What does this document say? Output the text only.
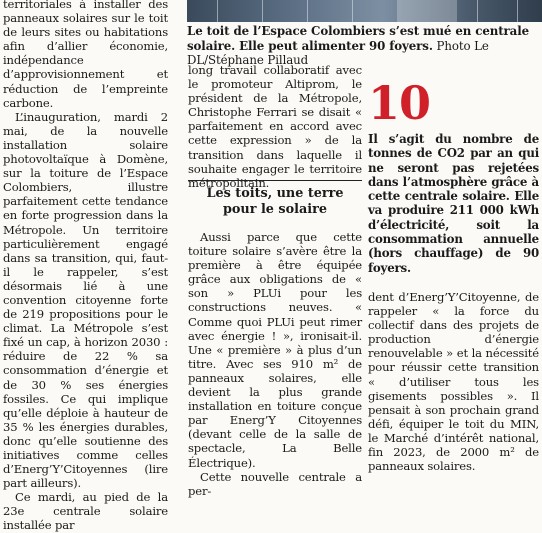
territoriales à installer des panneaux solaires sur le toit de leurs sites ou habitations afin d’allier économie, indépendance d’approvisionnement et réduction de l’empreinte carbone.

L’inauguration, mardi 2 mai, de la nouvelle installation solaire photovoltaïque à Domène, sur la toiture de l’Espace Colombiers, illustre parfaitement cette tendance en forte progression dans la Métropole. Un territoire particulièrement engagé dans sa transition, qui, faut-il le rappeler, s’est désormais lié à une convention citoyenne forte de 219 propositions pour le climat. La Métropole s’est fixé un cap, à horizon 2030 : réduire de 22 % sa consommation d’énergie et de 30 % ses énergies fossiles. Ce qui implique qu’elle déploie à hauteur de 35 % les énergies durables, donc qu’elle soutienne des initiatives comme celles d’Energ’Y’Citoyennes (lire part ailleurs).

Ce mardi, au pied de la 23e centrale solaire installée par

Le toit de l’Espace Colombiers s’est mué en centrale solaire. Elle peut alimenter 90 foyers. Photo Le DL/Stéphane Pillaud

long travail collaboratif avec le promoteur Altiprom, le président de la Métropole, Christophe Ferrari se disait « parfaitement en accord avec cette expression » de la transition dans laquelle il souhaite engager le territoire métropolitain.

Les toits, une terre pour le solaire

Aussi parce que cette toiture solaire s’avère être la première à être équipée grâce aux obligations de « son » PLUi pour les constructions neuves. « Comme quoi PLUi peut rimer avec énergie ! », ironisait-il. Une « première » à plus d’un titre. Avec ses 910 m² de panneaux solaires, elle devient la plus grande installation en toiture conçue par Energ’Y Citoyennes (devant celle de la salle de spectacle, La Belle Électrique).

Cette nouvelle centrale a per-

10
Il s’agit du nombre de tonnes de CO2 par an qui ne seront pas rejetées dans l’atmosphère grâce à cette centrale solaire. Elle va produire 211 000 kWh d’électricité, soit la consommation annuelle (hors chauffage) de 90 foyers.

dent d’Energ’Y’Citoyenne, de rappeler « la force du collectif dans des projets de production d’énergie renouvelable » et la nécessité pour réussir cette transition « d’utiliser tous les gisements possibles ». Il pensait à son prochain grand défi, équiper le toit du MIN, le Marché d’intérêt national, fin 2023, de 2000 m² de panneaux solaires.
